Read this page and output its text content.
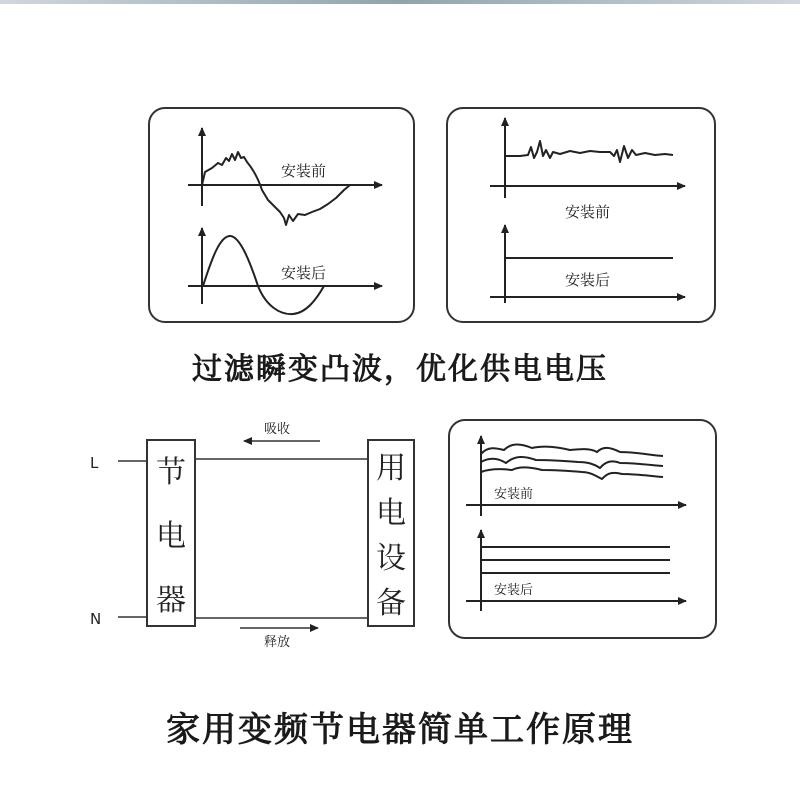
安装前
安装后
安装前
安装后
L
N
节
电
器
用
电
设
备
吸收
释放
安装前
安装后
过滤瞬变凸波，优化供电电压
家用变频节电器简单工作原理
